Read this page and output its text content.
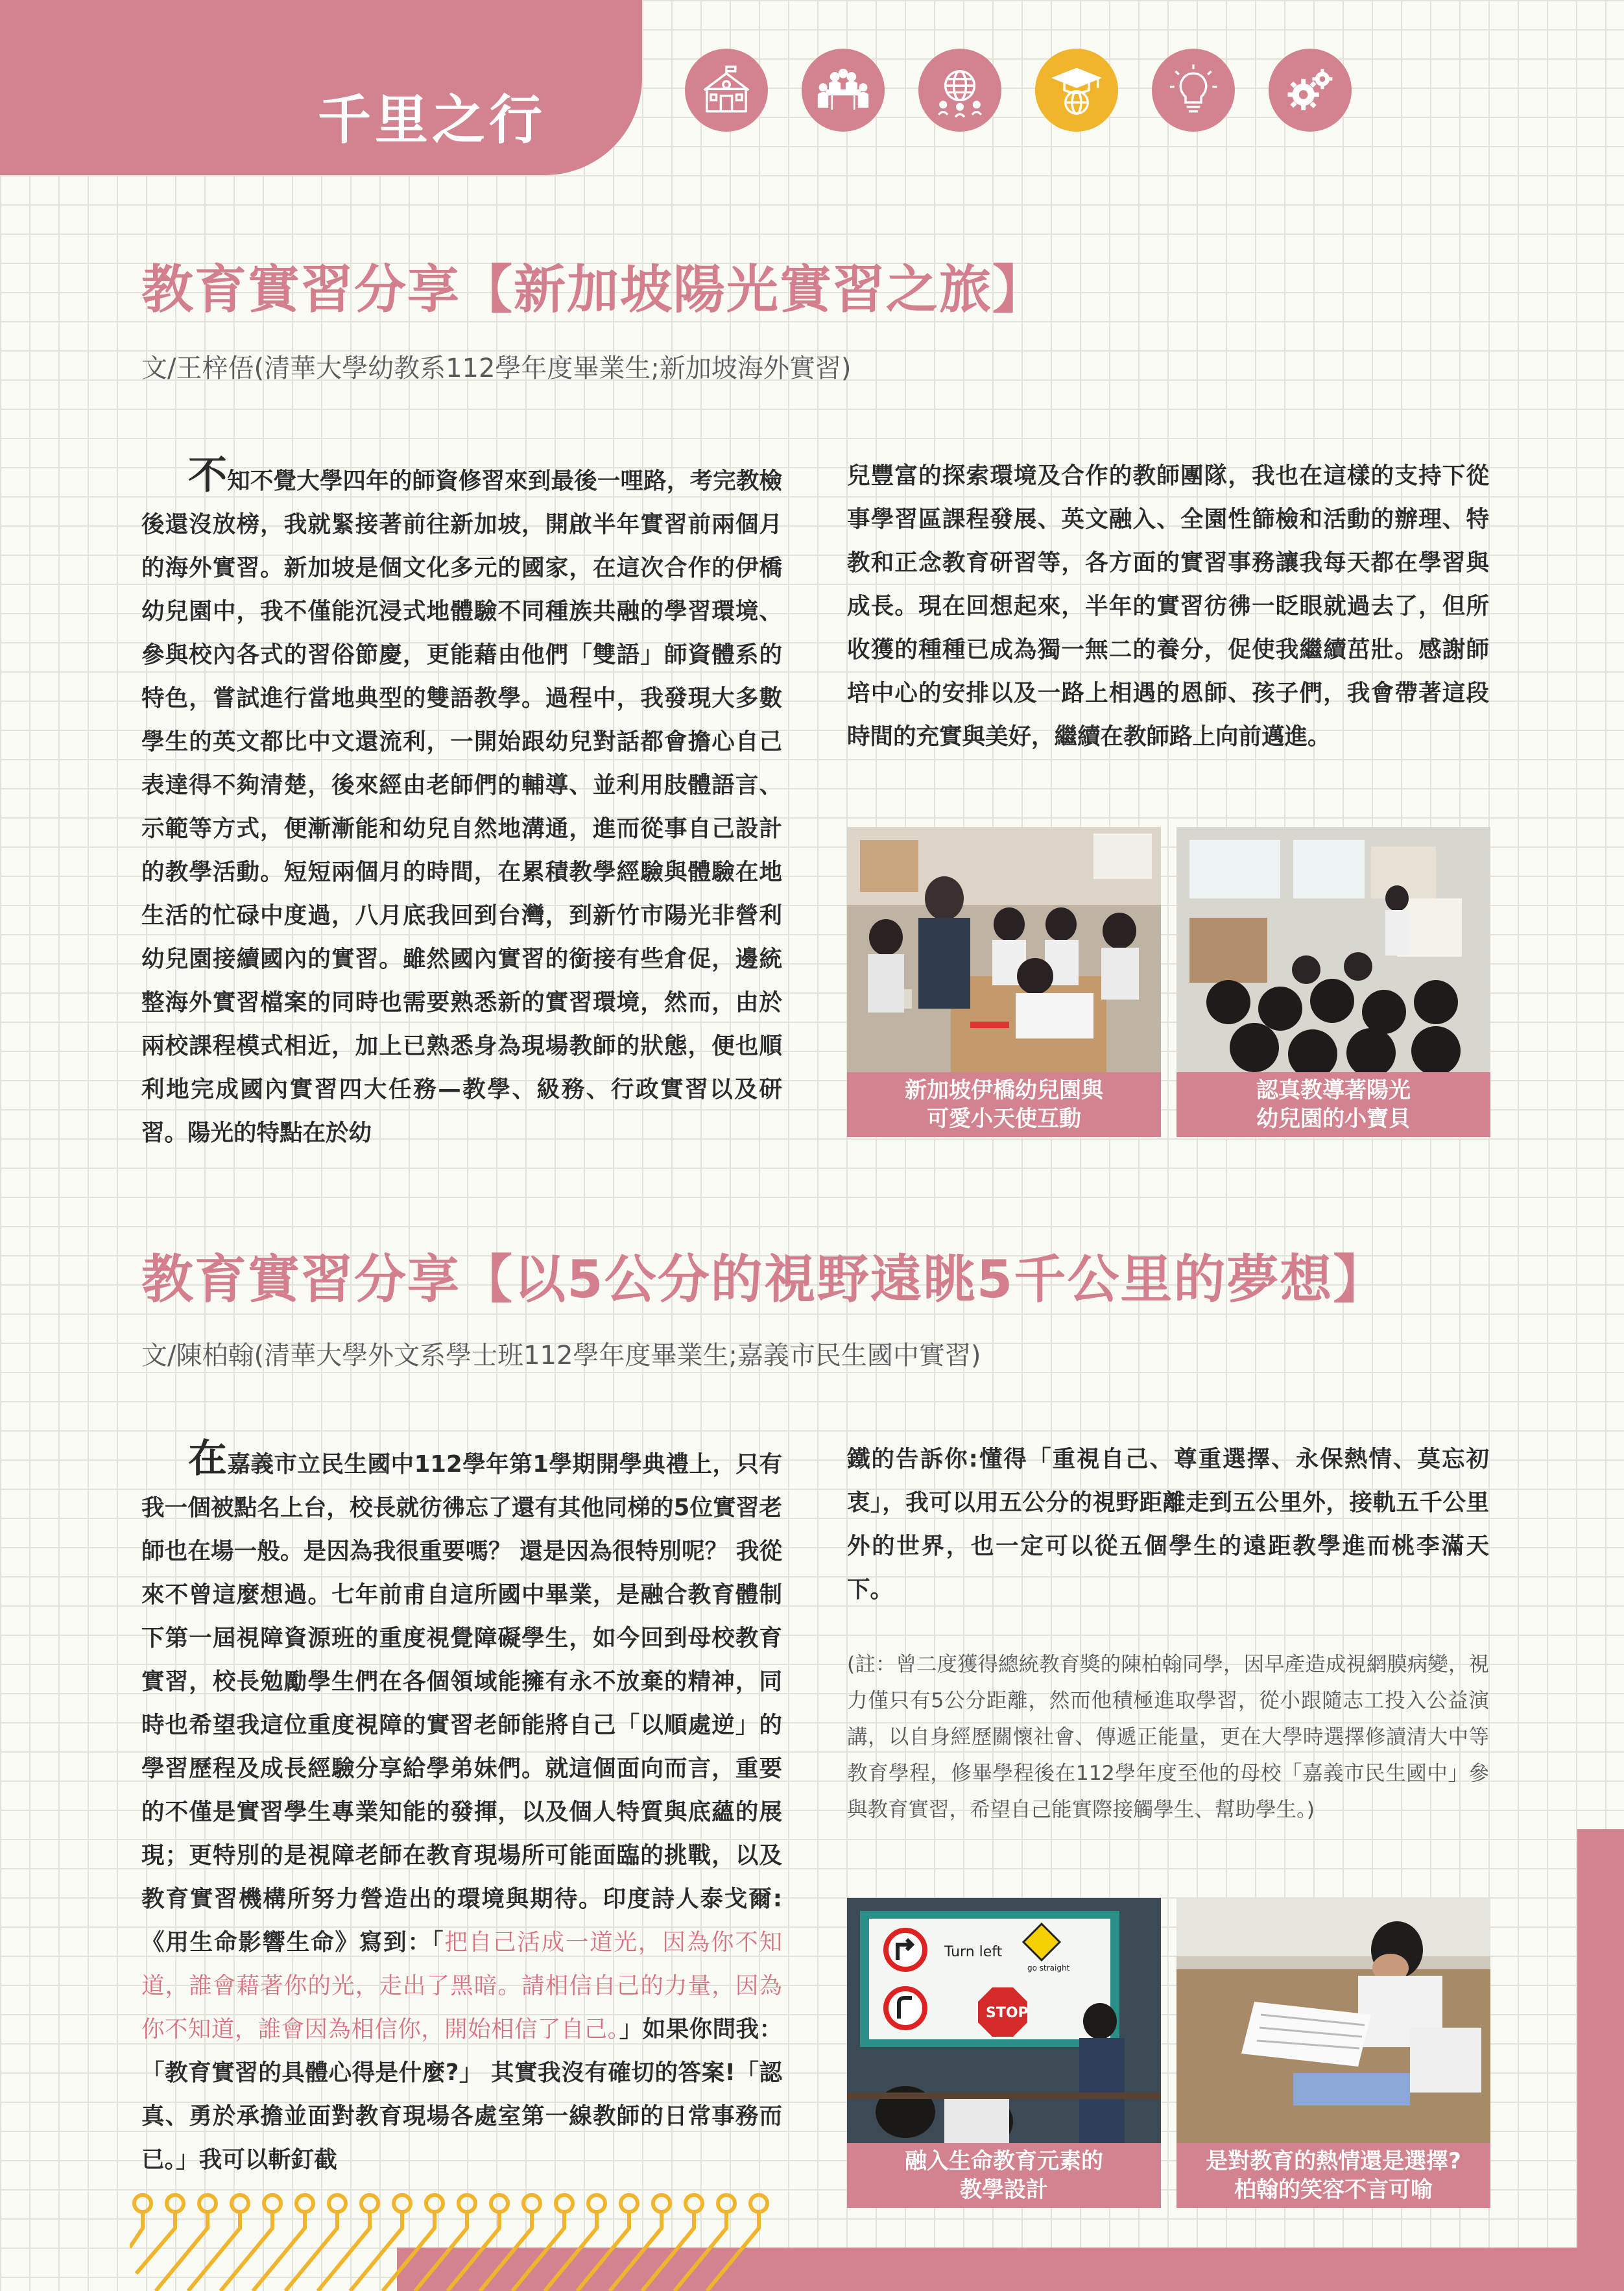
千里之行
教育實習分享【新加坡陽光實習之旅】
文/王梓俉(清華大學幼教系112學年度畢業生;新加坡海外實習)

不知不覺大學四年的師資修習來到最後一哩路，考完教檢後還沒放榜，我就緊接著前往新加坡，開啟半年實習前兩個月的海外實習。新加坡是個文化多元的國家，在這次合作的伊橋幼兒園中，我不僅能沉浸式地體驗不同種族共融的學習環境、參與校內各式的習俗節慶，更能藉由他們「雙語」師資體系的特色，嘗試進行當地典型的雙語教學。過程中，我發現大多數學生的英文都比中文還流利，一開始跟幼兒對話都會擔心自己表達得不夠清楚，後來經由老師們的輔導、並利用肢體語言、示範等方式，便漸漸能和幼兒自然地溝通，進而從事自己設計的教學活動。短短兩個月的時間，在累積教學經驗與體驗在地生活的忙碌中度過，八月底我回到台灣，到新竹市陽光非營利幼兒園接續國內的實習。雖然國內實習的銜接有些倉促，邊統整海外實習檔案的同時也需要熟悉新的實習環境，然而，由於兩校課程模式相近，加上已熟悉身為現場教師的狀態，便也順利地完成國內實習四大任務—教學、級務、行政實習以及研習。陽光的特點在於幼

兒豐富的探索環境及合作的教師團隊，我也在這樣的支持下從事學習區課程發展、英文融入、全園性篩檢和活動的辦理、特教和正念教育研習等，各方面的實習事務讓我每天都在學習與成長。現在回想起來，半年的實習彷彿一眨眼就過去了，但所收獲的種種已成為獨一無二的養分，促使我繼續茁壯。感謝師培中心的安排以及一路上相遇的恩師、孩子們，我會帶著這段時間的充實與美好，繼續在教師路上向前邁進。

新加坡伊橋幼兒園與
可愛小天使互動
認真教導著陽光
幼兒園的小寶貝
教育實習分享【以5公分的視野遠眺5千公里的夢想】
文/陳柏翰(清華大學外文系學士班112學年度畢業生;嘉義市民生國中實習)

在嘉義市立民生國中112學年第1學期開學典禮上，只有我一個被點名上台，校長就彷彿忘了還有其他同梯的5位實習老師也在場一般。是因為我很重要嗎？ 還是因為很特別呢？ 我從來不曾這麼想過。七年前甫自這所國中畢業，是融合教育體制下第一屆視障資源班的重度視覺障礙學生，如今回到母校教育實習，校長勉勵學生們在各個領域能擁有永不放棄的精神，同時也希望我這位重度視障的實習老師能將自己「以順處逆」的學習歷程及成長經驗分享給學弟妹們。就這個面向而言，重要的不僅是實習學生專業知能的發揮，以及個人特質與底蘊的展現；更特別的是視障老師在教育現場所可能面臨的挑戰，以及教育實習機構所努力營造出的環境與期待。印度詩人泰戈爾:《用生命影響生命》寫到：「把自己活成一道光，因為你不知道，誰會藉著你的光，走出了黑暗。請相信自己的力量，因為你不知道，誰會因為相信你，開始相信了自己。」如果你問我：「教育實習的具體心得是什麼?」 其實我沒有確切的答案!「認真、勇於承擔並面對教育現場各處室第一線教師的日常事務而已。」我可以斬釘截

鐵的告訴你:懂得「重視自己、尊重選擇、永保熱情、莫忘初衷」，我可以用五公分的視野距離走到五公里外，接軌五千公里外的世界，也一定可以從五個學生的遠距教學進而桃李滿天下。

(註：曾二度獲得總統教育獎的陳柏翰同學，因早產造成視網膜病變，視力僅只有5公分距離，然而他積極進取學習，從小跟隨志工投入公益演講，以自身經歷關懷社會、傳遞正能量，更在大學時選擇修讀清大中等教育學程，修畢學程後在112學年度至他的母校「嘉義市民生國中」參與教育實習，希望自己能實際接觸學生、幫助學生。)
Turn left
go straight
STOP
融入生命教育元素的
教學設計
是對教育的熱情還是選擇?
柏翰的笑容不言可喻
